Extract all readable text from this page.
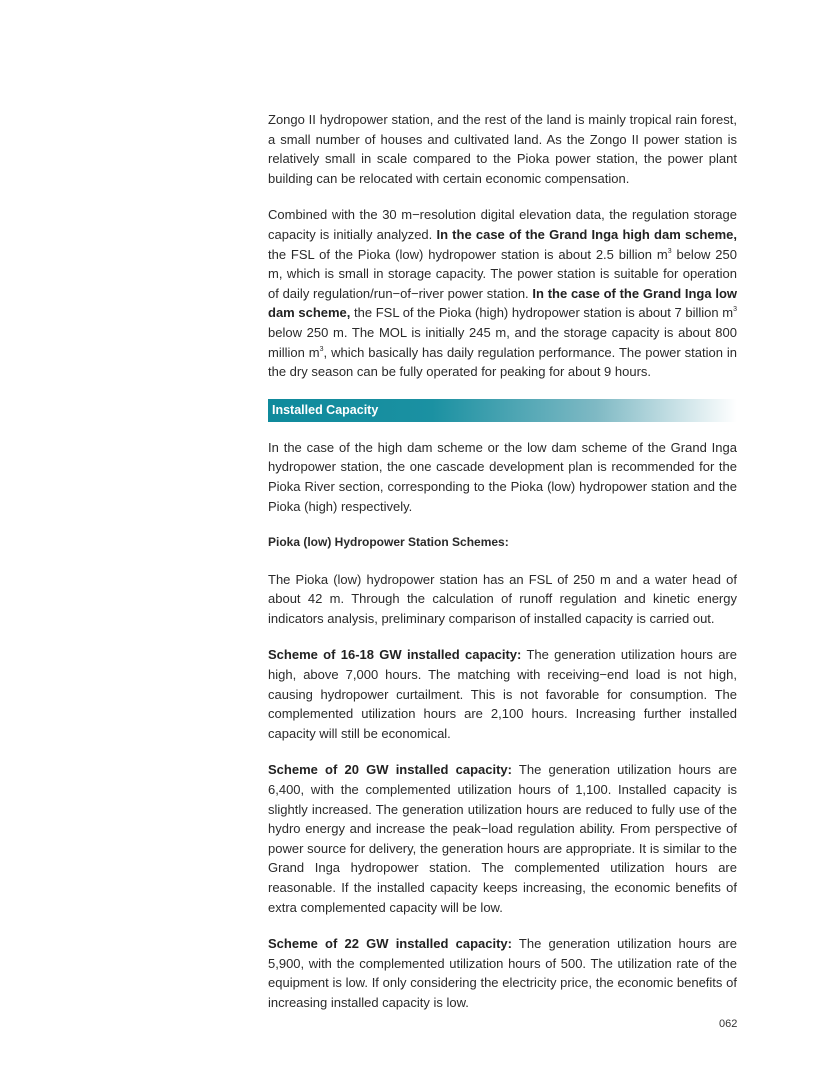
Zongo II hydropower station, and the rest of the land is mainly tropical rain forest, a small number of houses and cultivated land. As the Zongo II power station is relatively small in scale compared to the Pioka power station, the power plant building can be relocated with certain economic compensation.

Combined with the 30 m−resolution digital elevation data, the regulation storage capacity is initially analyzed. In the case of the Grand Inga high dam scheme, the FSL of the Pioka (low) hydropower station is about 2.5 billion $m^3$ below 250 m, which is small in storage capacity. The power station is suitable for operation of daily regulation/run−of−river power station. In the case of the Grand Inga low dam scheme, the FSL of the Pioka (high) hydropower station is about 7 billion $m^3$ below 250 m. The MOL is initially 245 m, and the storage capacity is about 800 million $m^3$, which basically has daily regulation performance. The power station in the dry season can be fully operated for peaking for about 9 hours.

Installed Capacity

In the case of the high dam scheme or the low dam scheme of the Grand Inga hydropower station, the one cascade development plan is recommended for the Pioka River section, corresponding to the Pioka (low) hydropower station and the Pioka (high) respectively.

Pioka (low) Hydropower Station Schemes:

The Pioka (low) hydropower station has an FSL of 250 m and a water head of about 42 m. Through the calculation of runoff regulation and kinetic energy indicators analysis, preliminary comparison of installed capacity is carried out.

Scheme of 16-18 GW installed capacity: The generation utilization hours are high, above 7,000 hours. The matching with receiving−end load is not high, causing hydropower curtailment. This is not favorable for consumption. The complemented utilization hours are 2,100 hours. Increasing further installed capacity will still be economical.

Scheme of 20 GW installed capacity: The generation utilization hours are 6,400, with the complemented utilization hours of 1,100. Installed capacity is slightly increased. The generation utilization hours are reduced to fully use of the hydro energy and increase the peak−load regulation ability. From perspective of power source for delivery, the generation hours are appropriate. It is similar to the Grand Inga hydropower station. The complemented utilization hours are reasonable. If the installed capacity keeps increasing, the economic benefits of extra complemented capacity will be low.

Scheme of 22 GW installed capacity: The generation utilization hours are 5,900, with the complemented utilization hours of 500. The utilization rate of the equipment is low. If only considering the electricity price, the economic benefits of increasing installed capacity is low.

062
